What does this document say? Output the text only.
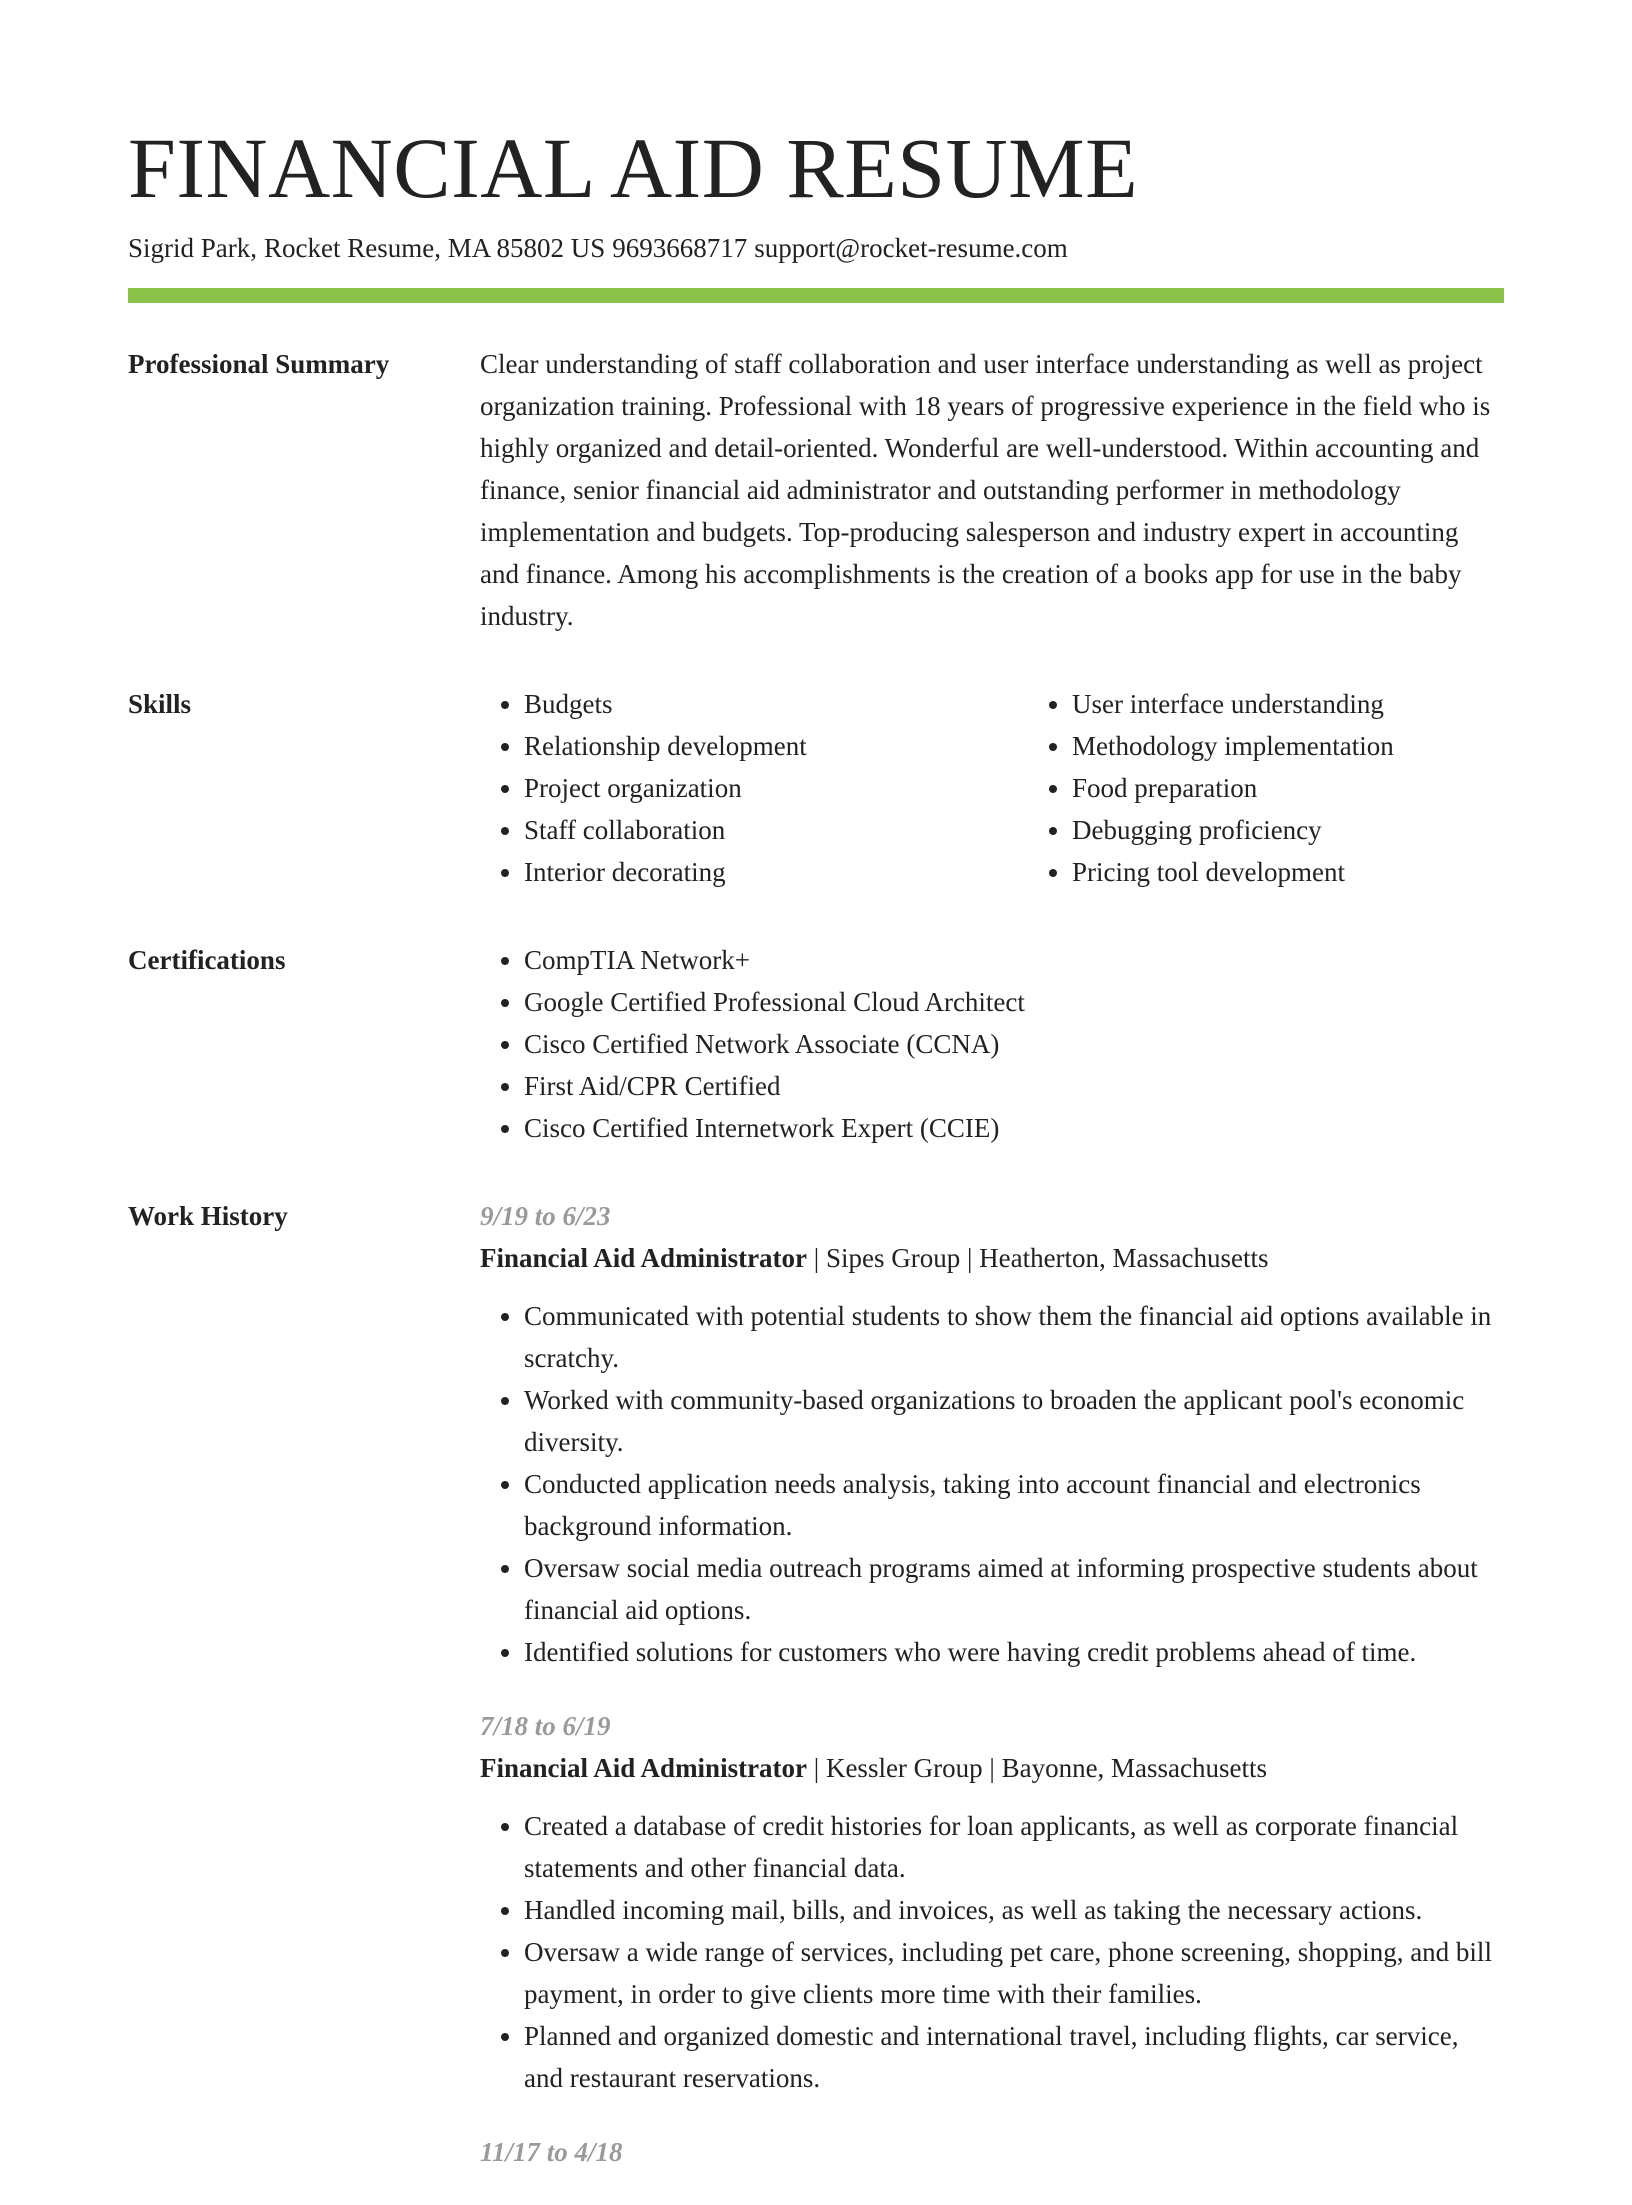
FINANCIAL AID RESUME
Sigrid Park, Rocket Resume, MA 85802 US 9693668717 support@rocket-resume.com
Professional Summary	Clear understanding of staff collaboration and user interface understanding as well as project organization training. Professional with 18 years of progressive experience in the field who is highly organized and detail-oriented. Wonderful are well-understood. Within accounting and finance, senior financial aid administrator and outstanding performer in methodology implementation and budgets. Top-producing salesperson and industry expert in accounting and finance. Among his accomplishments is the creation of a books app for use in the baby industry.

Skills	• Budgets
• Relationship development
• Project organization
• Staff collaboration
• Interior decorating
• User interface understanding
• Methodology implementation
• Food preparation
• Debugging proficiency
• Pricing tool development
Certifications	• CompTIA Network+
• Google Certified Professional Cloud Architect
• Cisco Certified Network Associate (CCNA)
• First Aid/CPR Certified
• Cisco Certified Internetwork Expert (CCIE)
Work History	9/19 to 6/23
Financial Aid Administrator | Sipes Group | Heatherton, Massachusetts
• Communicated with potential students to show them the financial aid options available in scratchy.
• Worked with community-based organizations to broaden the applicant pool's economic diversity.
• Conducted application needs analysis, taking into account financial and electronics background information.
• Oversaw social media outreach programs aimed at informing prospective students about financial aid options.
• Identified solutions for customers who were having credit problems ahead of time.
7/18 to 6/19
Financial Aid Administrator | Kessler Group | Bayonne, Massachusetts
• Created a database of credit histories for loan applicants, as well as corporate financial statements and other financial data.
• Handled incoming mail, bills, and invoices, as well as taking the necessary actions.
• Oversaw a wide range of services, including pet care, phone screening, shopping, and bill payment, in order to give clients more time with their families.
• Planned and organized domestic and international travel, including flights, car service, and restaurant reservations.
11/17 to 4/18
